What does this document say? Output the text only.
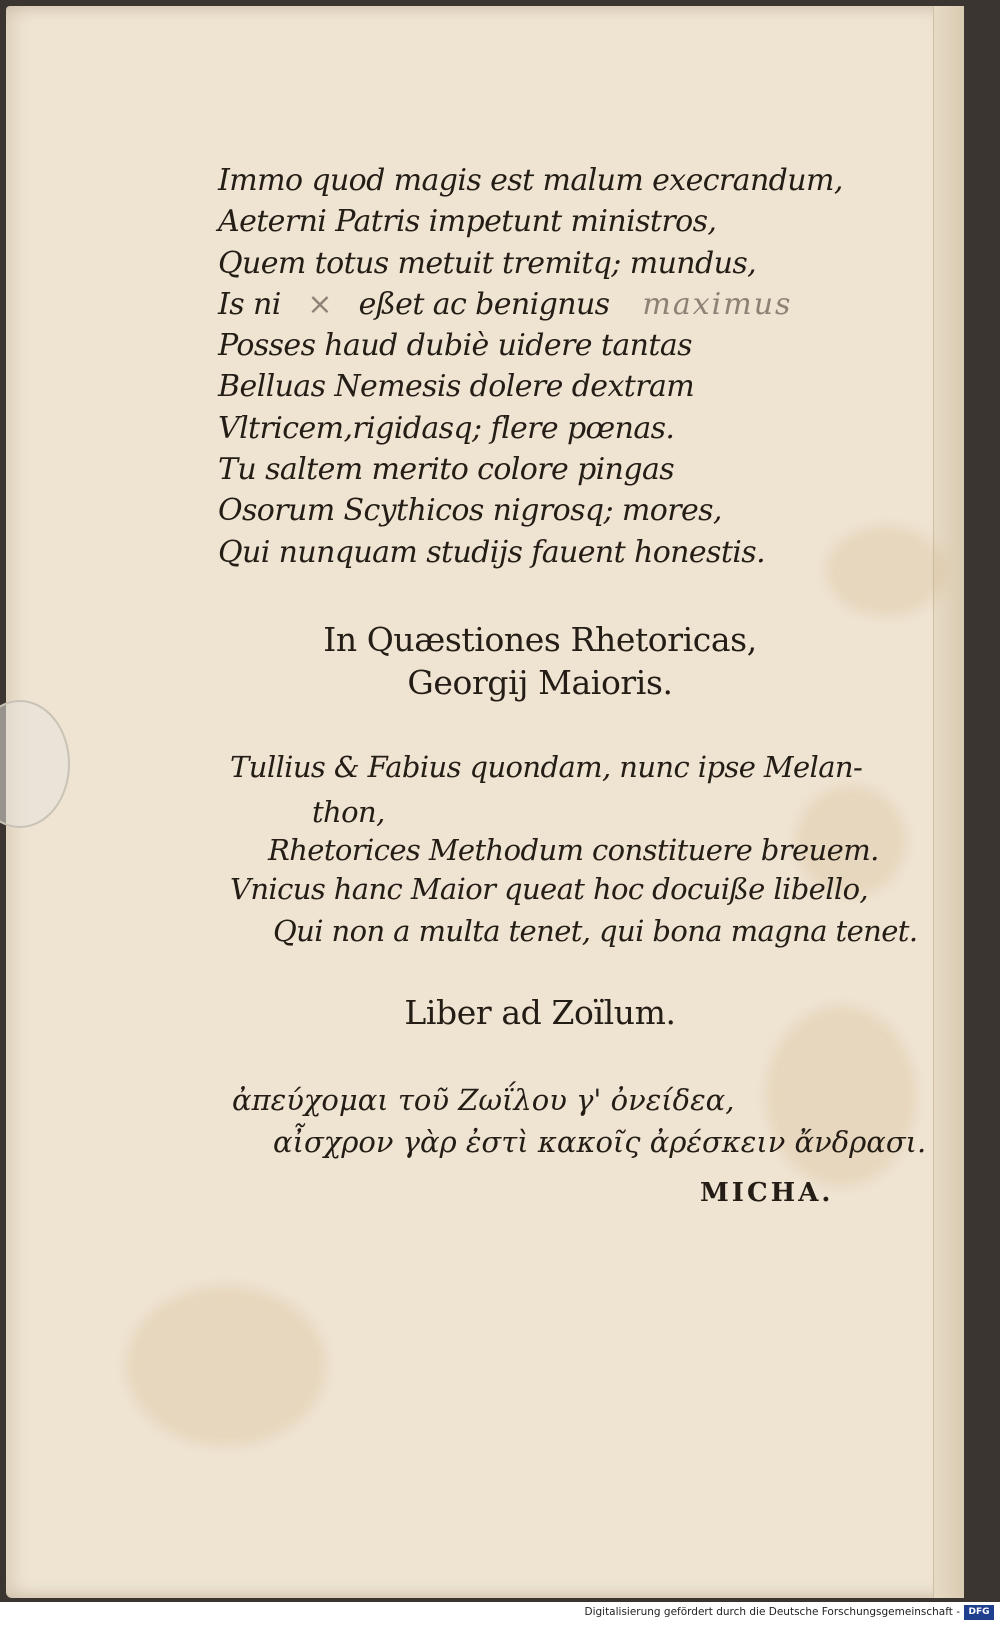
Immo quod magis est malum execrandum,
Aeterni Patris impetunt ministros,
Quem totus metuit tremitq; mundus,
Is ni × eßet ac benignus maximus
Posses haud dubiè uidere tantas
Belluas Nemesis dolere dextram
Vltricem,rigidasq; flere pœnas.
Tu saltem merito colore pingas
Osorum Scythicos nigrosq; mores,
Qui nunquam studijs fauent honestis.
In Quæstiones Rhetoricas,
Georgij Maioris.
Tullius & Fabius quondam, nunc ipse Melan-
thon,
Rhetorices Methodum constituere breuem.
Vnicus hanc Maior queat hoc docuiße libello,
Qui non a multa tenet, qui bona magna tenet.
Liber ad Zoïlum.
ἀπεύχομαι τοῦ Ζωΐλου γ' ὀνείδεα,
αἶσχρον γὰρ ἐστὶ κακοῖς ἀρέσκειν ἄνδρασι.
MICHA.
Digitalisierung gefördert durch die Deutsche Forschungsgemeinschaft - DFG
